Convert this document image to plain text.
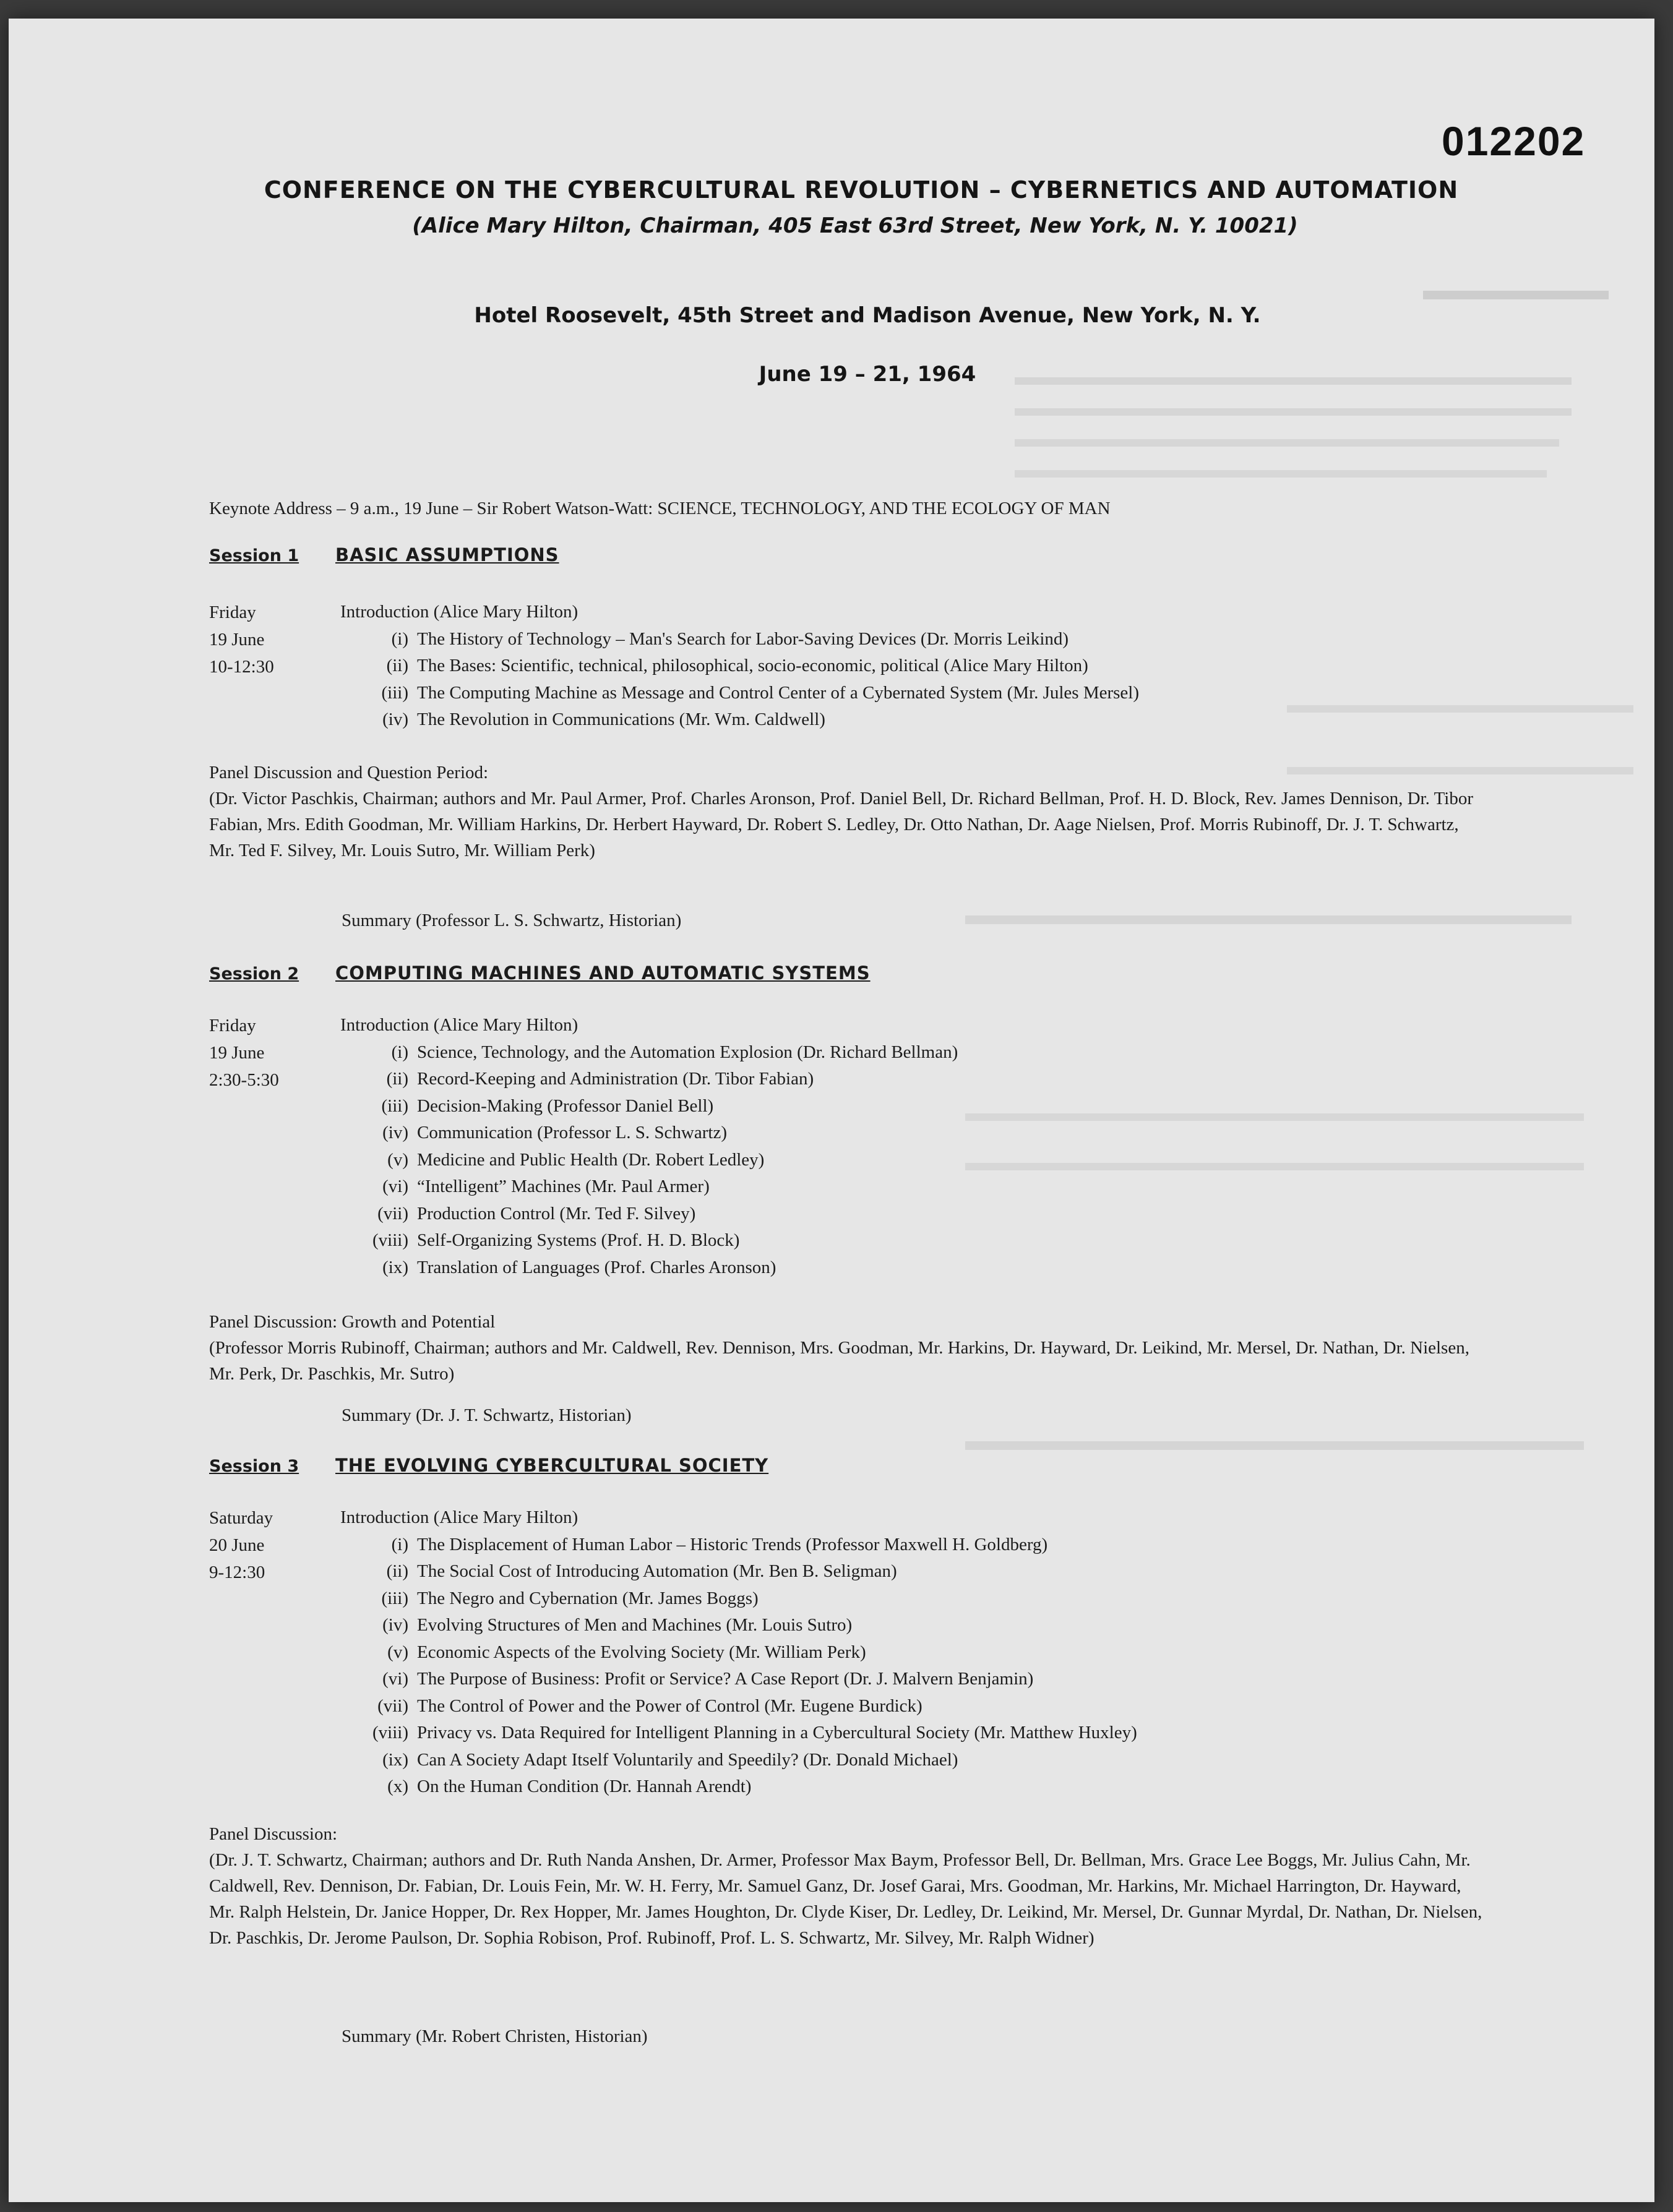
012202
CONFERENCE ON THE CYBERCULTURAL REVOLUTION – CYBERNETICS AND AUTOMATION
(Alice Mary Hilton, Chairman, 405 East 63rd Street, New York, N. Y. 10021)
Hotel Roosevelt, 45th Street and Madison Avenue, New York, N. Y.
June 19 – 21, 1964
Keynote Address – 9 a.m., 19 June – Sir Robert Watson-Watt: SCIENCE, TECHNOLOGY, AND THE ECOLOGY OF MAN
Session 1 BASIC ASSUMPTIONS
Friday
19 June
10-12:30
Introduction (Alice Mary Hilton)
(i) The History of Technology – Man's Search for Labor-Saving Devices (Dr. Morris Leikind)
(ii) The Bases: Scientific, technical, philosophical, socio-economic, political (Alice Mary Hilton)
(iii) The Computing Machine as Message and Control Center of a Cybernated System (Mr. Jules Mersel)
(iv) The Revolution in Communications (Mr. Wm. Caldwell)
Panel Discussion and Question Period:
(Dr. Victor Paschkis, Chairman; authors and Mr. Paul Armer, Prof. Charles Aronson, Prof. Daniel Bell, Dr. Richard Bellman, Prof. H. D. Block, Rev. James Dennison, Dr. Tibor Fabian, Mrs. Edith Goodman, Mr. William Harkins, Dr. Herbert Hayward, Dr. Robert S. Ledley, Dr. Otto Nathan, Dr. Aage Nielsen, Prof. Morris Rubinoff, Dr. J. T. Schwartz, Mr. Ted F. Silvey, Mr. Louis Sutro, Mr. William Perk)
Summary (Professor L. S. Schwartz, Historian)
Session 2 COMPUTING MACHINES AND AUTOMATIC SYSTEMS
Friday
19 June
2:30-5:30
Introduction (Alice Mary Hilton)
(i) Science, Technology, and the Automation Explosion (Dr. Richard Bellman)
(ii) Record-Keeping and Administration (Dr. Tibor Fabian)
(iii) Decision-Making (Professor Daniel Bell)
(iv) Communication (Professor L. S. Schwartz)
(v) Medicine and Public Health (Dr. Robert Ledley)
(vi) “Intelligent” Machines (Mr. Paul Armer)
(vii) Production Control (Mr. Ted F. Silvey)
(viii) Self-Organizing Systems (Prof. H. D. Block)
(ix) Translation of Languages (Prof. Charles Aronson)
Panel Discussion: Growth and Potential
(Professor Morris Rubinoff, Chairman; authors and Mr. Caldwell, Rev. Dennison, Mrs. Goodman, Mr. Harkins, Dr. Hayward, Dr. Leikind, Mr. Mersel, Dr. Nathan, Dr. Nielsen, Mr. Perk, Dr. Paschkis, Mr. Sutro)
Summary (Dr. J. T. Schwartz, Historian)
Session 3 THE EVOLVING CYBERCULTURAL SOCIETY
Saturday
20 June
9-12:30
Introduction (Alice Mary Hilton)
(i) The Displacement of Human Labor – Historic Trends (Professor Maxwell H. Goldberg)
(ii) The Social Cost of Introducing Automation (Mr. Ben B. Seligman)
(iii) The Negro and Cybernation (Mr. James Boggs)
(iv) Evolving Structures of Men and Machines (Mr. Louis Sutro)
(v) Economic Aspects of the Evolving Society (Mr. William Perk)
(vi) The Purpose of Business: Profit or Service? A Case Report (Dr. J. Malvern Benjamin)
(vii) The Control of Power and the Power of Control (Mr. Eugene Burdick)
(viii) Privacy vs. Data Required for Intelligent Planning in a Cybercultural Society (Mr. Matthew Huxley)
(ix) Can A Society Adapt Itself Voluntarily and Speedily? (Dr. Donald Michael)
(x) On the Human Condition (Dr. Hannah Arendt)
Panel Discussion:
(Dr. J. T. Schwartz, Chairman; authors and Dr. Ruth Nanda Anshen, Dr. Armer, Professor Max Baym, Professor Bell, Dr. Bellman, Mrs. Grace Lee Boggs, Mr. Julius Cahn, Mr. Caldwell, Rev. Dennison, Dr. Fabian, Dr. Louis Fein, Mr. W. H. Ferry, Mr. Samuel Ganz, Dr. Josef Garai, Mrs. Goodman, Mr. Harkins, Mr. Michael Harrington, Dr. Hayward, Mr. Ralph Helstein, Dr. Janice Hopper, Dr. Rex Hopper, Mr. James Houghton, Dr. Clyde Kiser, Dr. Ledley, Dr. Leikind, Mr. Mersel, Dr. Gunnar Myrdal, Dr. Nathan, Dr. Nielsen, Dr. Paschkis, Dr. Jerome Paulson, Dr. Sophia Robison, Prof. Rubinoff, Prof. L. S. Schwartz, Mr. Silvey, Mr. Ralph Widner)
Summary (Mr. Robert Christen, Historian)
